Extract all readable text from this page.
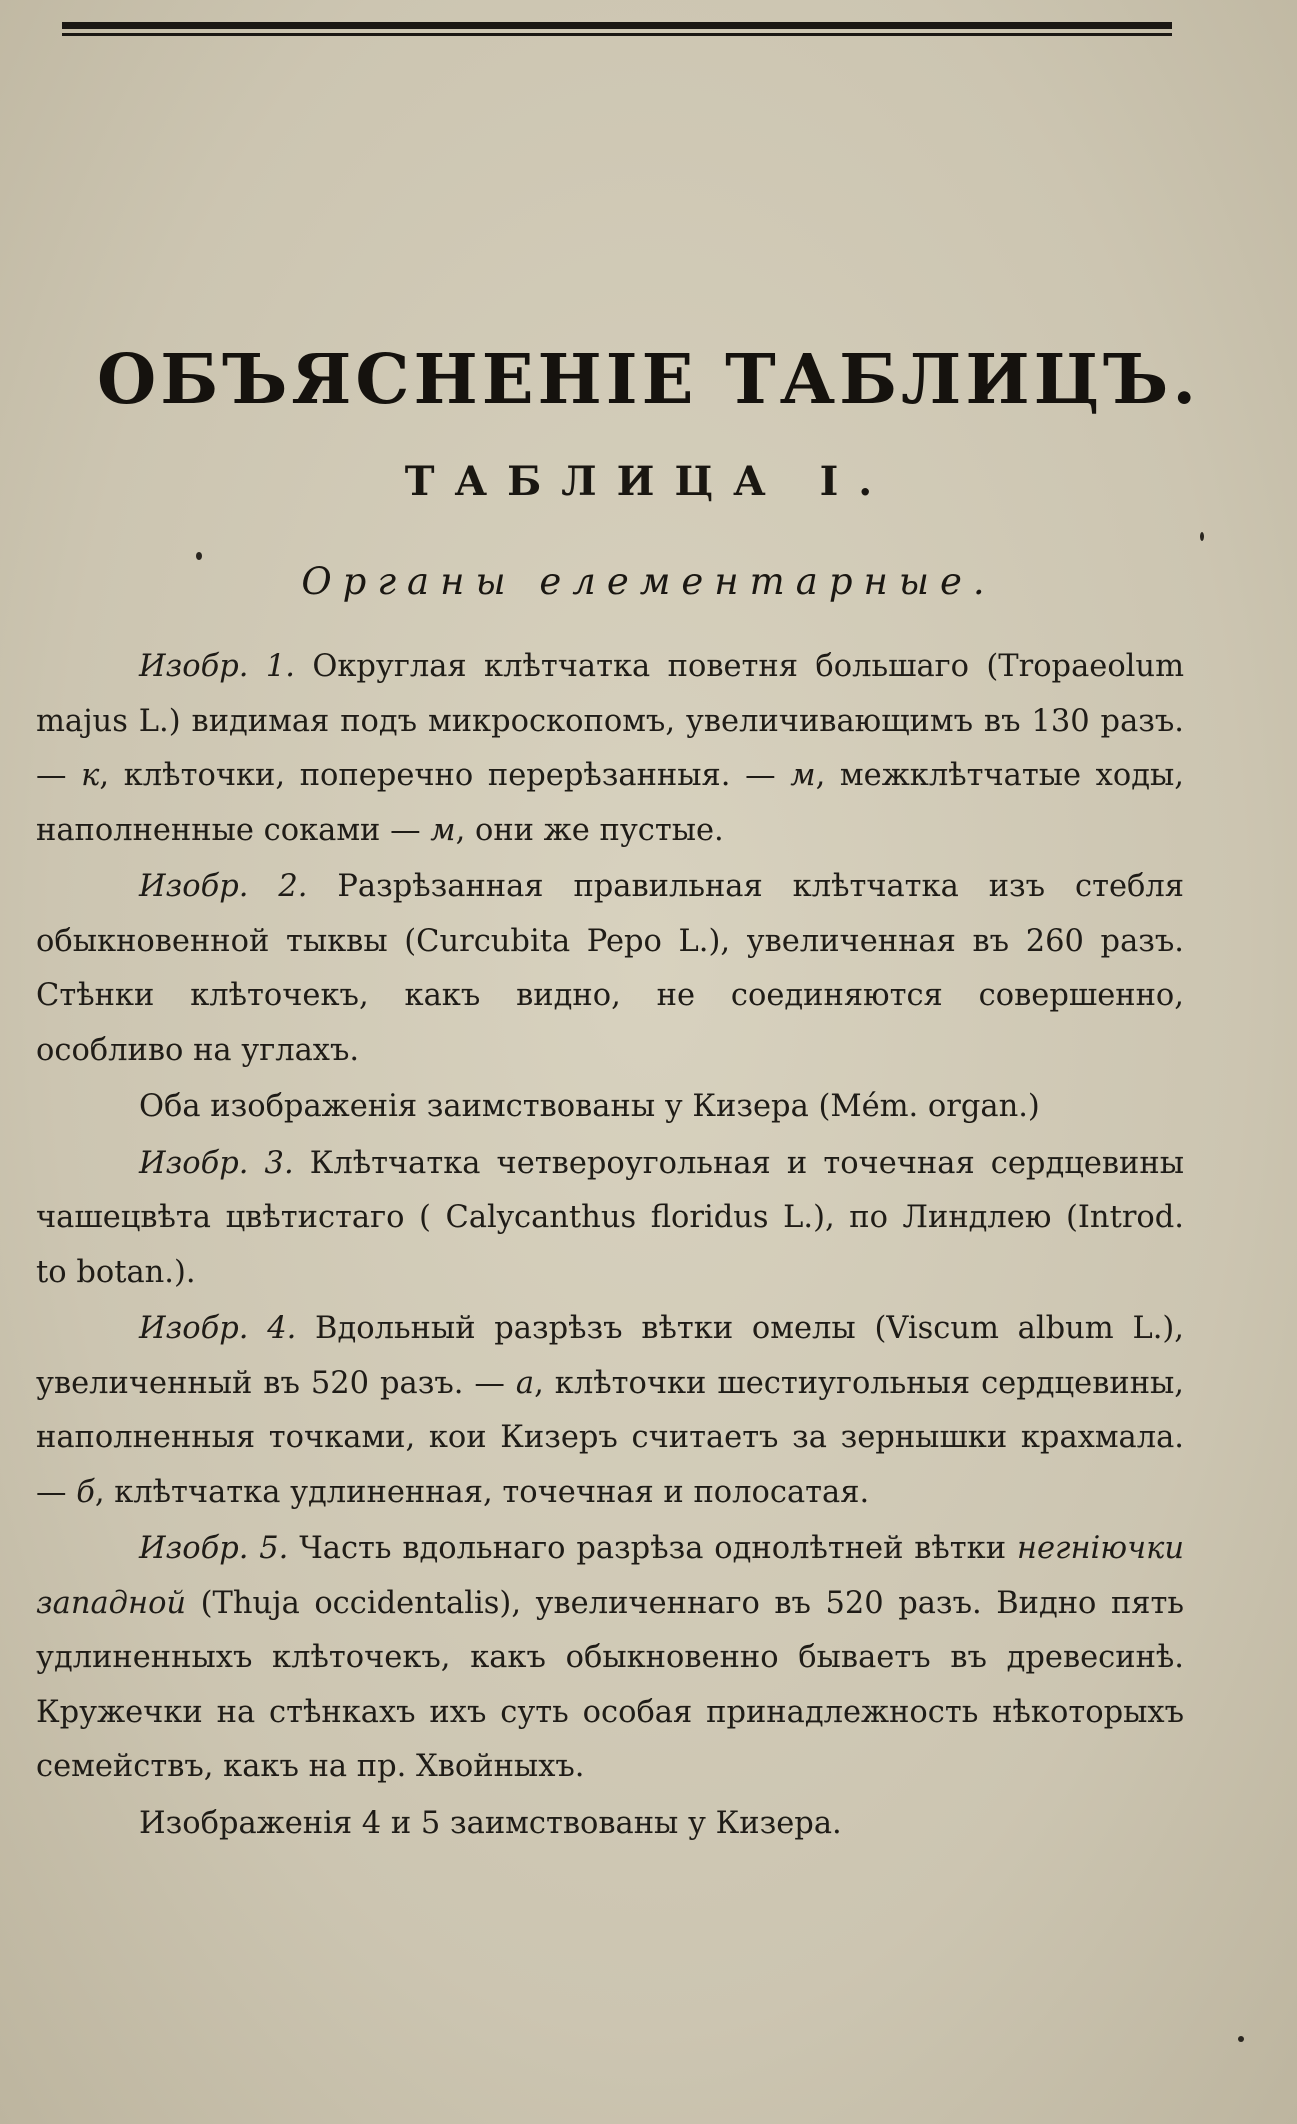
ОБЪЯСНЕНІЕ ТАБЛИЦЪ.
ТАБЛИЦА I.
Органы елементарные.

Изобр. 1. Округлая клѣтчатка поветня большаго (Tropaeolum majus L.) видимая подъ микроскопомъ, увеличивающимъ въ 130 разъ. — к, клѣточки, поперечно перерѣзанныя. — м, межклѣтчатые ходы, наполненные соками — м, они же пустые.

Изобр. 2. Разрѣзанная правильная клѣтчатка изъ стебля обыкновенной тыквы (Curcubita Pepo L.), увеличенная въ 260 разъ. Стѣнки клѣточекъ, какъ видно, не соединяются совершенно, особливо на углахъ.

Оба изображенія заимствованы у Кизера (Mém. organ.)

Изобр. 3. Клѣтчатка четвероугольная и точечная сердцевины чашецвѣта цвѣтистаго ( Calycanthus floridus L.), по Линдлею (Introd. to botan.).

Изобр. 4. Вдольный разрѣзъ вѣтки омелы (Viscum album L.), увеличенный въ 520 разъ. — а, клѣточки шестиугольныя сердцевины, наполненныя точками, кои Кизеръ считаетъ за зернышки крахмала. — б, клѣтчатка удлиненная, точечная и полосатая.

Изобр. 5. Часть вдольнаго разрѣза однолѣтней вѣтки негніючки западной (Thuja occidentalis), увеличеннаго въ 520 разъ. Видно пять удлиненныхъ клѣточекъ, какъ обыкновенно бываетъ въ древесинѣ. Кружечки на стѣнкахъ ихъ суть особая принадлежность нѣкоторыхъ семействъ, какъ на пр. Хвойныхъ.

Изображенія 4 и 5 заимствованы у Кизера.
